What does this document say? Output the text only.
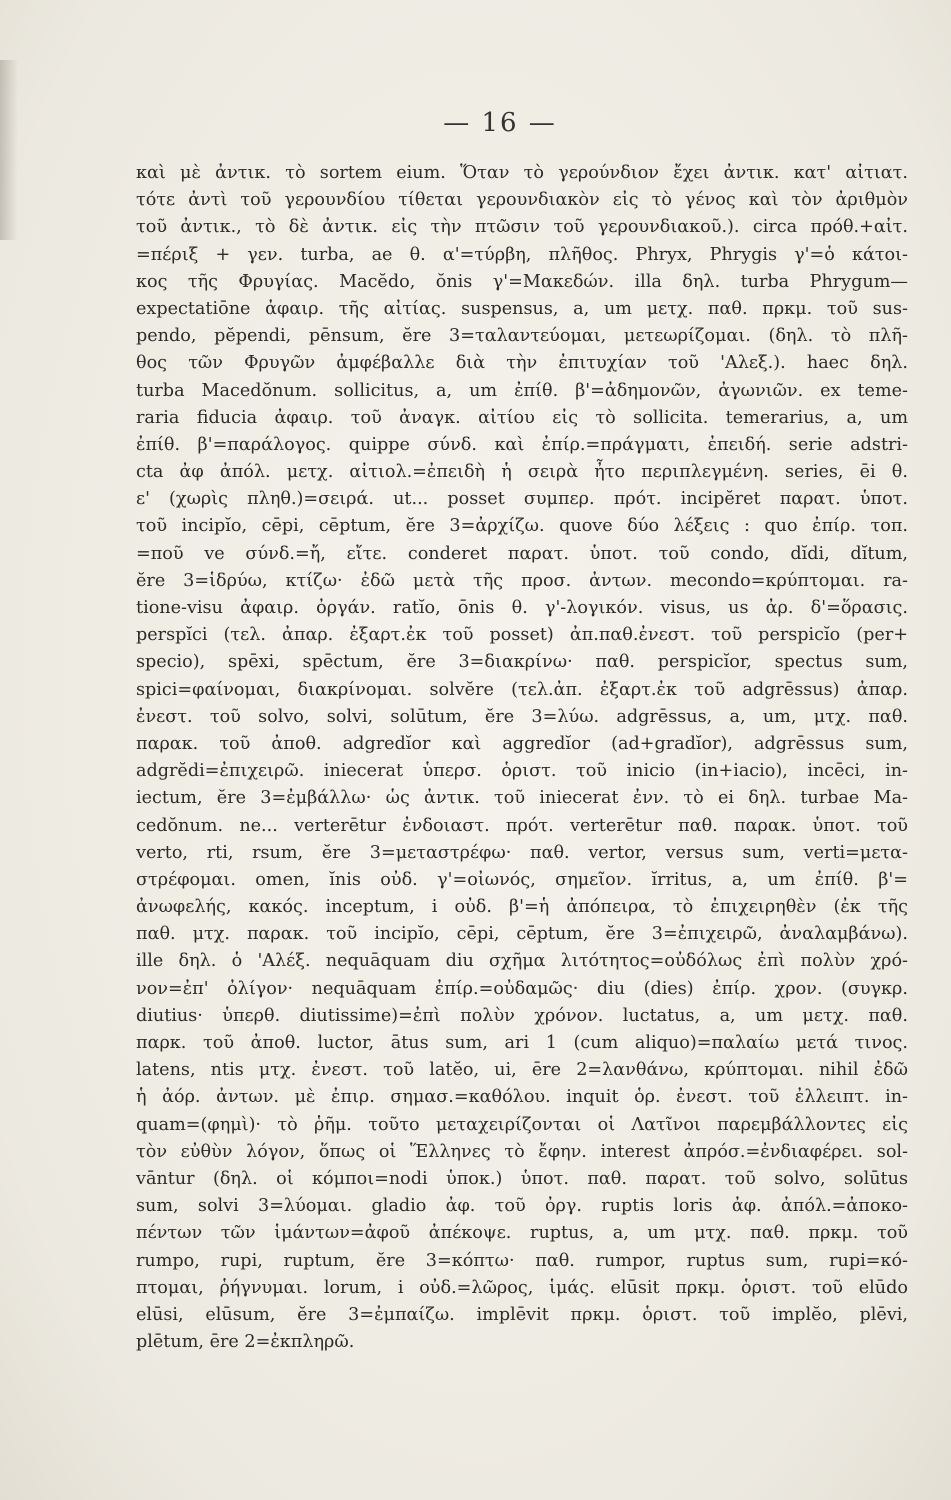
— 16 —
καὶ μὲ ἀντικ. τὸ sortem eium. Ὅταν τὸ γερούνδιον ἔχει ἀντικ. κατ' αἰτιατ.
τότε ἀντὶ τοῦ γερουνδίου τίθεται γερουνδιακὸν εἰς τὸ γένος καὶ τὸν ἀριθμὸν
τοῦ ἀντικ., τὸ δὲ ἀντικ. εἰς τὴν πτῶσιν τοῦ γερουνδιακοῦ.). circa πρόθ.+αἰτ.
=πέριξ + γεν. turba, ae θ. α'=τύρβη, πλῆθος. Phryx, Phrygis γ'=ὁ κάτοι-
κος τῆς Φρυγίας. Macĕdo, ŏnis γ'=Μακεδών. illa δηλ. turba Phrygum—
expectatiōne ἀφαιρ. τῆς αἰτίας. suspensus, a, um μετχ. παθ. πρκμ. τοῦ sus-
pendo, pĕpendi, pēnsum, ĕre 3=ταλαντεύομαι, μετεωρίζομαι. (δηλ. τὸ πλῆ-
θος τῶν Φρυγῶν ἀμφέβαλλε διὰ τὴν ἐπιτυχίαν τοῦ 'Αλεξ.). haec δηλ.
turba Macedŏnum. sollicitus, a, um ἐπίθ. β'=ἀδημονῶν, ἀγωνιῶν. ex teme-
raria fiducia ἀφαιρ. τοῦ ἀναγκ. αἰτίου εἰς τὸ sollicita. temerarius, a, um
ἐπίθ. β'=παράλογος. quippe σύνδ. καὶ ἐπίρ.=πράγματι, ἐπειδή. serie adstri-
cta ἀφ ἀπόλ. μετχ. αἰτιολ.=ἐπειδὴ ἡ σειρὰ ἦτο περιπλεγμένη. series, ēi θ.
ε' (χωρὶς πληθ.)=σειρά. ut... posset συμπερ. πρότ. incipĕret παρατ. ὑποτ.
τοῦ incipĭo, cēpi, cēptum, ĕre 3=ἀρχίζω. quove δύο λέξεις : quo ἐπίρ. τοπ.
=ποῦ ve σύνδ.=ἤ, εἴτε. conderet παρατ. ὑποτ. τοῦ condo, dĭdi, dĭtum,
ĕre 3=ἱδρύω, κτίζω· ἐδῶ μετὰ τῆς προσ. ἀντων. mecondo=κρύπτομαι. ra-
tione-visu ἀφαιρ. ὀργάν. ratĭo, ōnis θ. γ'-λογικόν. visus, us ἀρ. δ'=ὅρασις.
perspĭci (τελ. ἀπαρ. ἐξαρτ.ἐκ τοῦ posset) ἀπ.παθ.ἐνεστ. τοῦ perspicĭo (per+
specio), spēxi, spēctum, ĕre 3=διακρίνω· παθ. perspicĭor, spectus sum,
spici=φαίνομαι, διακρίνομαι. solvĕre (τελ.ἀπ. ἐξαρτ.ἐκ τοῦ adgrēssus) ἀπαρ.
ἐνεστ. τοῦ solvo, solvi, solūtum, ĕre 3=λύω. adgrēssus, a, um, μτχ. παθ.
παρακ. τοῦ ἀποθ. adgredĭor καὶ aggredĭor (ad+gradĭor), adgrēssus sum,
adgrĕdi=ἐπιχειρῶ. iniecerat ὑπερσ. ὁριστ. τοῦ inicio (in+iacio), incēci, in-
iectum, ĕre 3=ἐμβάλλω· ὡς ἀντικ. τοῦ iniecerat ἐνν. τὸ ei δηλ. turbae Ma-
cedŏnum. ne... verterētur ἐνδοιαστ. πρότ. verterētur παθ. παρακ. ὑποτ. τοῦ
verto, rti, rsum, ĕre 3=μεταστρέφω· παθ. vertor, versus sum, verti=μετα-
στρέφομαι. omen, ĭnis οὐδ. γ'=οἰωνός, σημεῖον. ĭrritus, a, um ἐπίθ. β'=
ἀνωφελής, κακός. inceptum, i οὐδ. β'=ἡ ἀπόπειρα, τὸ ἐπιχειρηθὲν (ἐκ τῆς
παθ. μτχ. παρακ. τοῦ incipĭo, cēpi, cēptum, ĕre 3=ἐπιχειρῶ, ἀναλαμβάνω).
ille δηλ. ὁ 'Αλέξ. nequāquam diu σχῆμα λιτότητος=οὐδόλως ἐπὶ πολὺν χρό-
νον=ἐπ' ὀλίγον· nequāquam ἐπίρ.=οὐδαμῶς· diu (dies) ἐπίρ. χρον. (συγκρ.
diutius· ὑπερθ. diutissime)=ἐπὶ πολὺν χρόνον. luctatus, a, um μετχ. παθ.
παρκ. τοῦ ἀποθ. luctor, ātus sum, ari 1 (cum aliquo)=παλαίω μετά τινος.
latens, ntis μτχ. ἐνεστ. τοῦ latĕo, ui, ēre 2=λανθάνω, κρύπτομαι. nihil ἐδῶ
ἡ ἀόρ. ἀντων. μὲ ἐπιρ. σημασ.=καθόλου. inquit ὁρ. ἐνεστ. τοῦ ἐλλειπτ. in-
quam=(φημὶ)· τὸ ῥῆμ. τοῦτο μεταχειρίζονται οἱ Λατῖνοι παρεμβάλλοντες εἰς
τὸν εὐθὺν λόγον, ὅπως οἱ Ἕλληνες τὸ ἔφην. interest ἀπρόσ.=ἐνδιαφέρει. sol-
vāntur (δηλ. οἱ κόμποι=nodi ὑποκ.) ὑποτ. παθ. παρατ. τοῦ solvo, solūtus
sum, solvi 3=λύομαι. gladio ἀφ. τοῦ ὀργ. ruptis loris ἀφ. ἀπόλ.=ἀποκο-
πέντων τῶν ἱμάντων=ἀφοῦ ἀπέκοψε. ruptus, a, um μτχ. παθ. πρκμ. τοῦ
rumpo, rupi, ruptum, ĕre 3=κόπτω· παθ. rumpor, ruptus sum, rupi=κό-
πτομαι, ῥήγνυμαι. lorum, i οὐδ.=λῶρος, ἱμάς. elūsit πρκμ. ὁριστ. τοῦ elūdo
elūsi, elūsum, ĕre 3=ἐμπαίζω. implēvit πρκμ. ὁριστ. τοῦ implĕo, plēvi,
plētum, ēre 2=ἐκπληρῶ.
